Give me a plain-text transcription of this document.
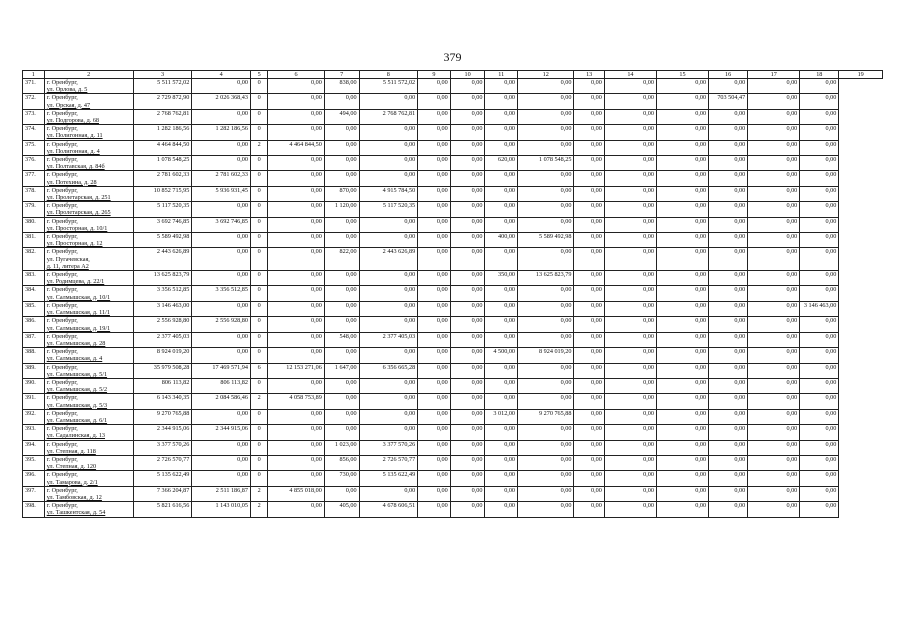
379
1	2	3	4	5	6	7	8	9	10	11	12	13	14	15	16	17	18	19
371.	г. Оренбург,
ул. Орлова, д. 5	5 511 572,02	0,00	0	0,00	838,00	5 511 572,02	0,00	0,00	0,00	0,00	0,00	0,00	0,00	0,00	0,00	0,00	
372.	г. Оренбург,
ул. Орская, д. 47	2 729 872,90	2 026 368,43	0	0,00	0,00	0,00	0,00	0,00	0,00	0,00	0,00	0,00	0,00	703 504,47	0,00	0,00	
373.	г. Оренбург,
ул. Подгорова, д. 68	2 768 762,81	0,00	0	0,00	494,00	2 768 762,81	0,00	0,00	0,00	0,00	0,00	0,00	0,00	0,00	0,00	0,00	
374.	г. Оренбург,
ул. Полигонная, д. 11	1 282 186,56	1 282 186,56	0	0,00	0,00	0,00	0,00	0,00	0,00	0,00	0,00	0,00	0,00	0,00	0,00	0,00	
375.	г. Оренбург,
ул. Полигонная, д. 4	4 464 844,50	0,00	2	4 464 844,50	0,00	0,00	0,00	0,00	0,00	0,00	0,00	0,00	0,00	0,00	0,00	0,00	
376.	г. Оренбург,
ул. Полтавская, д. 84б	1 078 548,25	0,00	0	0,00	0,00	0,00	0,00	0,00	620,00	1 078 548,25	0,00	0,00	0,00	0,00	0,00	0,00	
377.	г. Оренбург,
ул. Потехина, д. 28	2 781 602,33	2 781 602,33	0	0,00	0,00	0,00	0,00	0,00	0,00	0,00	0,00	0,00	0,00	0,00	0,00	0,00	
378.	г. Оренбург,
ул. Пролетарская, д. 251	10 852 715,95	5 936 931,45	0	0,00	870,00	4 915 784,50	0,00	0,00	0,00	0,00	0,00	0,00	0,00	0,00	0,00	0,00	
379.	г. Оренбург,
ул. Пролетарская, д. 265	5 117 520,35	0,00	0	0,00	1 120,00	5 117 520,35	0,00	0,00	0,00	0,00	0,00	0,00	0,00	0,00	0,00	0,00	
380.	г. Оренбург,
ул. Просторная, д. 10/1	3 692 746,85	3 692 746,85	0	0,00	0,00	0,00	0,00	0,00	0,00	0,00	0,00	0,00	0,00	0,00	0,00	0,00	
381.	г. Оренбург,
ул. Просторная, д. 12	5 589 492,98	0,00	0	0,00	0,00	0,00	0,00	0,00	400,00	5 589 492,98	0,00	0,00	0,00	0,00	0,00	0,00	
382.	г. Оренбург,
ул. Пугачевская,
д. 11, литера А2	2 443 626,89	0,00	0	0,00	822,00	2 443 626,89	0,00	0,00	0,00	0,00	0,00	0,00	0,00	0,00	0,00	0,00	
383.	г. Оренбург,
ул. Родимцева, д. 22/1	13 625 823,79	0,00	0	0,00	0,00	0,00	0,00	0,00	350,00	13 625 823,79	0,00	0,00	0,00	0,00	0,00	0,00	
384.	г. Оренбург,
ул. Салмышская, д. 10/1	3 356 512,85	3 356 512,85	0	0,00	0,00	0,00	0,00	0,00	0,00	0,00	0,00	0,00	0,00	0,00	0,00	0,00	
385.	г. Оренбург,
ул. Салмышская, д. 11/1	3 146 463,00	0,00	0	0,00	0,00	0,00	0,00	0,00	0,00	0,00	0,00	0,00	0,00	0,00	0,00	3 146 463,00	
386.	г. Оренбург,
ул. Салмышская, д. 19/1	2 556 928,80	2 556 928,80	0	0,00	0,00	0,00	0,00	0,00	0,00	0,00	0,00	0,00	0,00	0,00	0,00	0,00	
387.	г. Оренбург,
ул. Салмышская, д. 28	2 377 405,03	0,00	0	0,00	548,00	2 377 405,03	0,00	0,00	0,00	0,00	0,00	0,00	0,00	0,00	0,00	0,00	
388.	г. Оренбург,
ул. Салмышская, д. 4	8 924 019,20	0,00	0	0,00	0,00	0,00	0,00	0,00	4 500,00	8 924 019,20	0,00	0,00	0,00	0,00	0,00	0,00	
389.	г. Оренбург,
ул. Салмышская, д. 5/1	35 979 508,28	17 469 571,94	6	12 153 271,06	1 647,00	6 356 665,28	0,00	0,00	0,00	0,00	0,00	0,00	0,00	0,00	0,00	0,00	
390.	г. Оренбург,
ул. Салмышская, д. 5/2	806 113,82	806 113,82	0	0,00	0,00	0,00	0,00	0,00	0,00	0,00	0,00	0,00	0,00	0,00	0,00	0,00	
391.	г. Оренбург,
ул. Салмышская, д. 5/3	6 143 340,35	2 084 586,46	2	4 058 753,89	0,00	0,00	0,00	0,00	0,00	0,00	0,00	0,00	0,00	0,00	0,00	0,00	
392.	г. Оренбург,
ул. Салмышская, д. 6/1	9 270 765,88	0,00	0	0,00	0,00	0,00	0,00	0,00	3 012,00	9 270 765,88	0,00	0,00	0,00	0,00	0,00	0,00	
393.	г. Оренбург,
ул. Садалинская, д. 13	2 344 915,06	2 344 915,06	0	0,00	0,00	0,00	0,00	0,00	0,00	0,00	0,00	0,00	0,00	0,00	0,00	0,00	
394.	г. Оренбург,
ул. Степная, д. 118	3 377 570,26	0,00	0	0,00	1 023,00	3 377 570,26	0,00	0,00	0,00	0,00	0,00	0,00	0,00	0,00	0,00	0,00	
395.	г. Оренбург,
ул. Степная, д. 120	2 726 570,77	0,00	0	0,00	856,00	2 726 570,77	0,00	0,00	0,00	0,00	0,00	0,00	0,00	0,00	0,00	0,00	
396.	г. Оренбург,
ул. Тамарова, д. 2/1	5 135 622,49	0,00	0	0,00	730,00	5 135 622,49	0,00	0,00	0,00	0,00	0,00	0,00	0,00	0,00	0,00	0,00	
397.	г. Оренбург,
ул. Тамбовская, д. 12	7 366 204,87	2 511 186,87	2	4 855 018,00	0,00	0,00	0,00	0,00	0,00	0,00	0,00	0,00	0,00	0,00	0,00	0,00	
398.	г. Оренбург,
ул. Ташкентская, д. 54	5 821 616,56	1 143 010,05	2	0,00	405,00	4 678 606,51	0,00	0,00	0,00	0,00	0,00	0,00	0,00	0,00	0,00	0,00	
